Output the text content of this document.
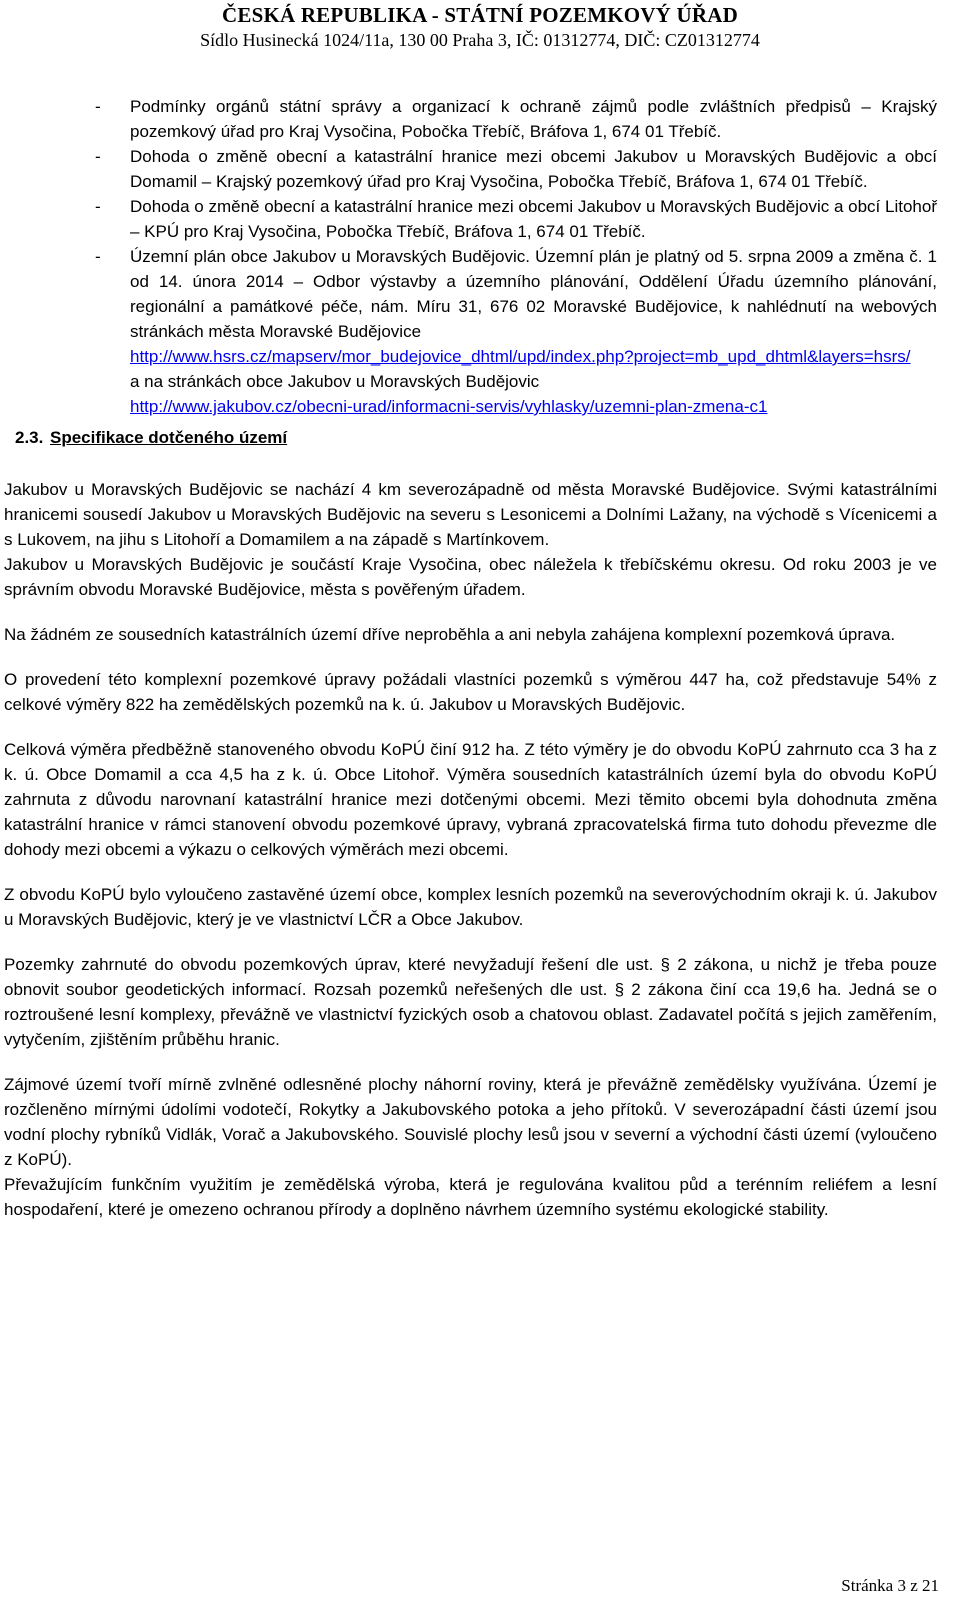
ČESKÁ REPUBLIKA - STÁTNÍ POZEMKOVÝ ÚŘAD
Sídlo Husinecká 1024/11a, 130 00 Praha 3, IČ: 01312774, DIČ: CZ01312774
-	Podmínky orgánů státní správy a organizací k ochraně zájmů podle zvláštních předpisů – Krajský pozemkový úřad pro Kraj Vysočina, Pobočka Třebíč, Bráfova 1, 674 01 Třebíč.
-	Dohoda o změně obecní a katastrální hranice mezi obcemi Jakubov u Moravských Budějovic a obcí Domamil – Krajský pozemkový úřad pro Kraj Vysočina, Pobočka Třebíč, Bráfova 1, 674 01 Třebíč.
-	Dohoda o změně obecní a katastrální hranice mezi obcemi Jakubov u Moravských Budějovic a obcí Litohoř – KPÚ pro Kraj Vysočina, Pobočka Třebíč, Bráfova 1, 674 01 Třebíč.
-	Územní plán obce Jakubov u Moravských Budějovic. Územní plán je platný od 5. srpna 2009 a změna č. 1 od 14. února 2014 – Odbor výstavby a územního plánování, Oddělení Úřadu územního plánování, regionální a památkové péče, nám. Míru 31, 676 02 Moravské Budějovice, k nahlédnutí na webových stránkách města Moravské Budějovice
http://www.hsrs.cz/mapserv/mor_budejovice_dhtml/upd/index.php?project=mb_upd_dhtml&layers=hsrs/
a na stránkách obce Jakubov u Moravských Budějovic
http://www.jakubov.cz/obecni-urad/informacni-servis/vyhlasky/uzemni-plan-zmena-c1
2.3. Specifikace dotčeného území

Jakubov u Moravských Budějovic se nachází 4 km severozápadně od města Moravské Budějovice. Svými katastrálními hranicemi sousedí Jakubov u Moravských Budějovic na severu s Lesonicemi a Dolními Lažany, na východě s Vícenicemi a s Lukovem, na jihu s Litohoří a Domamilem a na západě s Martínkovem.

Jakubov u Moravských Budějovic je součástí Kraje Vysočina, obec náležela k třebíčskému okresu. Od roku 2003 je ve správním obvodu Moravské Budějovice, města s pověřeným úřadem.

Na žádném ze sousedních katastrálních území dříve neproběhla a ani nebyla zahájena komplexní pozemková úprava.

O provedení této komplexní pozemkové úpravy požádali vlastníci pozemků s výměrou 447 ha, což představuje 54% z celkové výměry 822 ha zemědělských pozemků na k. ú. Jakubov u Moravských Budějovic.

Celková výměra předběžně stanoveného obvodu KoPÚ činí 912 ha. Z této výměry je do obvodu KoPÚ zahrnuto cca 3 ha z k. ú. Obce Domamil a cca 4,5 ha z k. ú. Obce Litohoř. Výměra sousedních katastrálních území byla do obvodu KoPÚ zahrnuta z důvodu narovnaní katastrální hranice mezi dotčenými obcemi. Mezi těmito obcemi byla dohodnuta změna katastrální hranice v rámci stanovení obvodu pozemkové úpravy, vybraná zpracovatelská firma tuto dohodu převezme dle dohody mezi obcemi a výkazu o celkových výměrách mezi obcemi.

Z obvodu KoPÚ bylo vyloučeno zastavěné území obce, komplex lesních pozemků na severovýchodním okraji k. ú. Jakubov u Moravských Budějovic, který je ve vlastnictví LČR a Obce Jakubov.

Pozemky zahrnuté do obvodu pozemkových úprav, které nevyžadují řešení dle ust. § 2 zákona, u nichž je třeba pouze obnovit soubor geodetických informací. Rozsah pozemků neřešených dle ust. § 2 zákona činí cca 19,6 ha. Jedná se o roztroušené lesní komplexy, převážně ve vlastnictví fyzických osob a chatovou oblast. Zadavatel počítá s jejich zaměřením, vytyčením, zjištěním průběhu hranic.

Zájmové území tvoří mírně zvlněné odlesněné plochy náhorní roviny, která je převážně zemědělsky využívána. Území je rozčleněno mírnými údolími vodotečí, Rokytky a Jakubovského potoka a jeho přítoků. V severozápadní části území jsou vodní plochy rybníků Vidlák, Vorač a Jakubovského. Souvislé plochy lesů jsou v severní a východní části území (vyloučeno z KoPÚ).

Převažujícím funkčním využitím je zemědělská výroba, která je regulována kvalitou půd a terénním reliéfem a lesní hospodaření, které je omezeno ochranou přírody a doplněno návrhem územního systému ekologické stability.

Stránka 3 z 21
